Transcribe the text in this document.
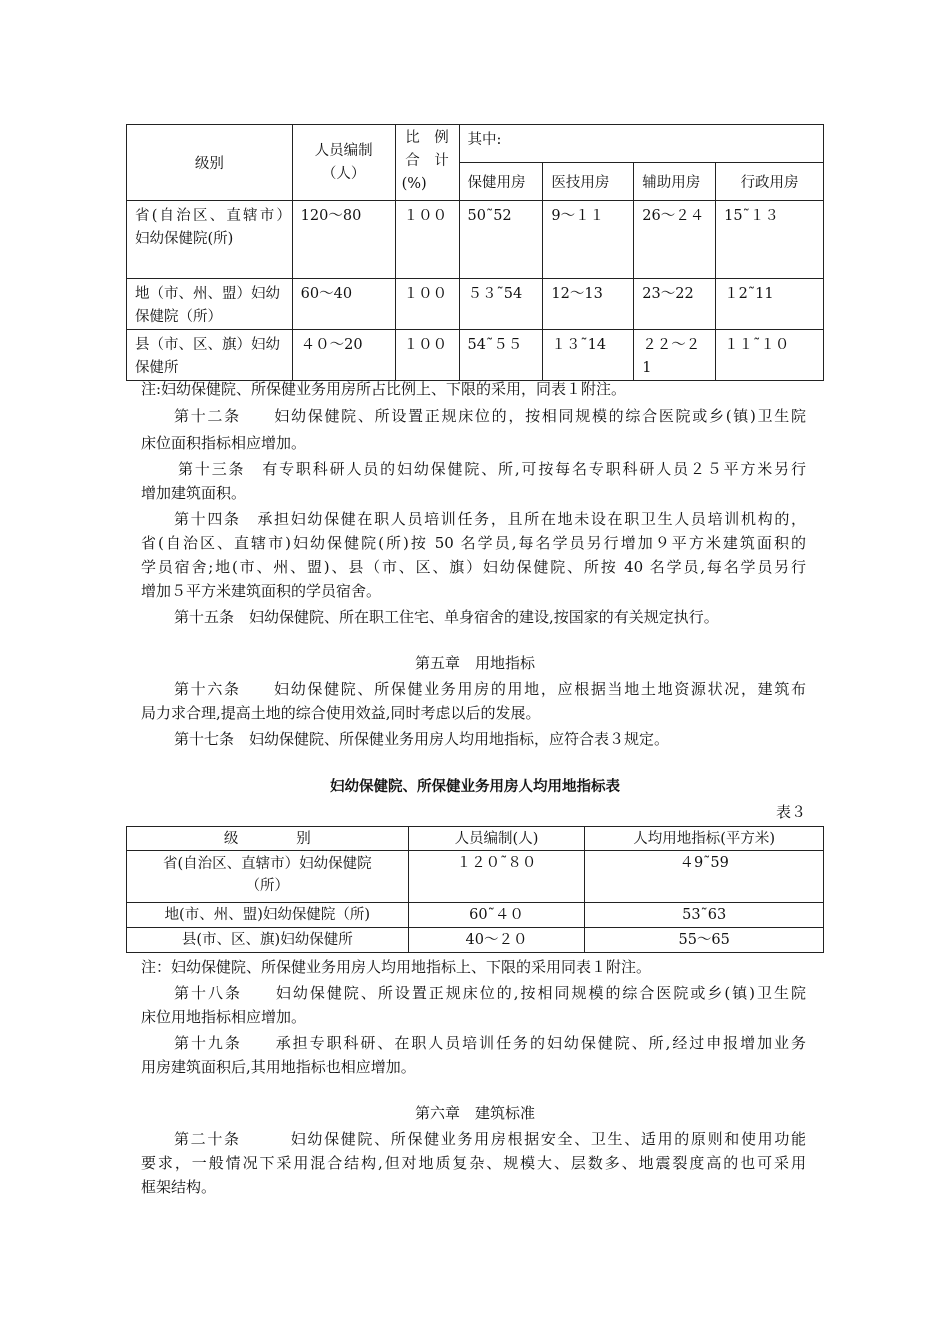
级别	人员编制（人）	比　例
合　计
(%)	其中:			
			保健用房	医技用房	辅助用房	行政用房
省(自治区、直辖市）　妇幼保健院(所)	120～80	１００	50˜52	9～１１	26～２４	15˜１３
地（市、州、盟）妇幼保健院（所）	60～40	１００	５３˜54	12～13	23～22	１2˜11
县（市、区、旗）妇幼保健所	４０～20	１００	54˜５５	１３˜14	２２～２1	１１˜１０
注:妇幼保健院、所保健业务用房所占比例上、下限的采用，同表１附注。
第十二条　　妇幼保健院、所设置正规床位的，按相同规模的综合医院或乡(镇)卫生院
床位面积指标相应增加。
第十三条　有专职科研人员的妇幼保健院、所,可按每名专职科研人员２５平方米另行
增加建筑面积。
第十四条　承担妇幼保健在职人员培训任务，且所在地未设在职卫生人员培训机构的，
省(自治区、直辖市)妇幼保健院(所)按 50 名学员,每名学员另行增加９平方米建筑面积的
学员宿舍;地(市、州、盟)、县（市、区、旗）妇幼保健院、所按 40 名学员,每名学员另行
增加５平方米建筑面积的学员宿舍。
第十五条　妇幼保健院、所在职工住宅、单身宿舍的建设,按国家的有关规定执行。
第五章　用地指标
第十六条　　妇幼保健院、所保健业务用房的用地，应根据当地土地资源状况，建筑布
局力求合理,提高土地的综合使用效益,同时考虑以后的发展。
第十七条　妇幼保健院、所保健业务用房人均用地指标，应符合表３规定。
妇幼保健院、所保健业务用房人均用地指标表
表３
级　　　　别	人员编制(人)	人均用地指标(平方米)
省(自治区、直辖市）妇幼保健院（所）	１２０˜８０	４9˜59
地(市、州、盟)妇幼保健院（所)	60˜４０	53˜63
县(市、区、旗)妇幼保健所	40～２０	55～65
注：妇幼保健院、所保健业务用房人均用地指标上、下限的采用同表１附注。
第十八条　　妇幼保健院、所设置正规床位的,按相同规模的综合医院或乡(镇)卫生院
床位用地指标相应增加。
第十九条　　承担专职科研、在职人员培训任务的妇幼保健院、所,经过申报增加业务
用房建筑面积后,其用地指标也相应增加。
第六章　建筑标准
第二十条　　　妇幼保健院、所保健业务用房根据安全、卫生、适用的原则和使用功能
要求，一般情况下采用混合结构,但对地质复杂、规模大、层数多、地震裂度高的也可采用
框架结构。
